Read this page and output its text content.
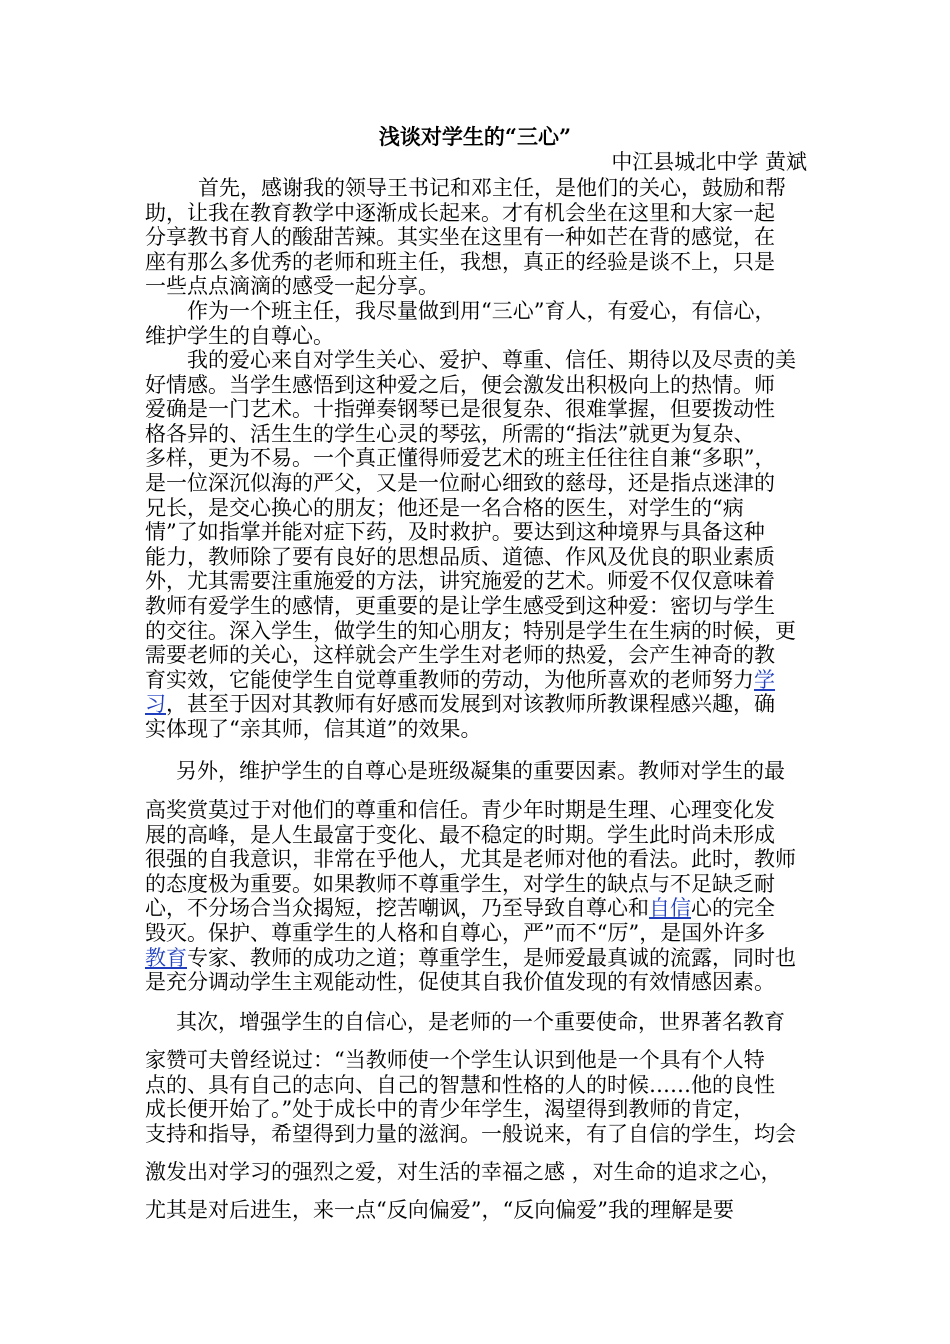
浅谈对学生的“三心”
中江县城北中学 黄斌
　首先，感谢我的领导王书记和邓主任，是他们的关心，鼓励和帮
助，让我在教育教学中逐渐成长起来。才有机会坐在这里和大家一起
分享教书育人的酸甜苦辣。其实坐在这里有一种如芒在背的感觉，在
座有那么多优秀的老师和班主任，我想，真正的经验是谈不上，只是
一些点点滴滴的感受一起分享。
　作为一个班主任，我尽量做到用“三心”育人，有爱心，有信心，
维护学生的自尊心。
　我的爱心来自对学生关心、爱护、尊重、信任、期待以及尽责的美
好情感。当学生感悟到这种爱之后，便会激发出积极向上的热情。师
爱确是一门艺术。十指弹奏钢琴已是很复杂、很难掌握，但要拨动性
格各异的、活生生的学生心灵的琴弦，所需的“指法”就更为复杂、
多样，更为不易。一个真正懂得师爱艺术的班主任往往自兼“多职”，
是一位深沉似海的严父，又是一位耐心细致的慈母，还是指点迷津的
兄长，是交心换心的朋友；他还是一名合格的医生，对学生的“病
情”了如指掌并能对症下药，及时救护。要达到这种境界与具备这种
能力，教师除了要有良好的思想品质、道德、作风及优良的职业素质
外，尤其需要注重施爱的方法，讲究施爱的艺术。师爱不仅仅意味着
教师有爱学生的感情，更重要的是让学生感受到这种爱：密切与学生
的交往。深入学生，做学生的知心朋友；特别是学生在生病的时候，更
需要老师的关心，这样就会产生学生对老师的热爱，会产生神奇的教
育实效，它能使学生自觉尊重教师的劳动，为他所喜欢的老师努力学
习，甚至于因对其教师有好感而发展到对该教师所教课程感兴趣，确
实体现了“亲其师，信其道”的效果。
　另外，维护学生的自尊心是班级凝集的重要因素。教师对学生的最
高奖赏莫过于对他们的尊重和信任。青少年时期是生理、心理变化发
展的高峰，是人生最富于变化、最不稳定的时期。学生此时尚未形成
很强的自我意识，非常在乎他人，尤其是老师对他的看法。此时，教师
的态度极为重要。如果教师不尊重学生，对学生的缺点与不足缺乏耐
心，不分场合当众揭短，挖苦嘲讽，乃至导致自尊心和自信心的完全
毁灭。保护、尊重学生的人格和自尊心，严”而不“厉”，是国外许多
教育专家、教师的成功之道；尊重学生，是师爱最真诚的流露，同时也
是充分调动学生主观能动性，促使其自我价值发现的有效情感因素。
　其次，增强学生的自信心，是老师的一个重要使命，世界著名教育
家赞可夫曾经说过：“当教师使一个学生认识到他是一个具有个人特
点的、具有自己的志向、自己的智慧和性格的人的时候……他的良性
成长便开始了。”处于成长中的青少年学生，渴望得到教师的肯定，
支持和指导，希望得到力量的滋润。一般说来，有了自信的学生，均会
激发出对学习的强烈之爱，对生活的幸福之感 ，对生命的追求之心，
尤其是对后进生，来一点“反向偏爱”，“反向偏爱”我的理解是要
